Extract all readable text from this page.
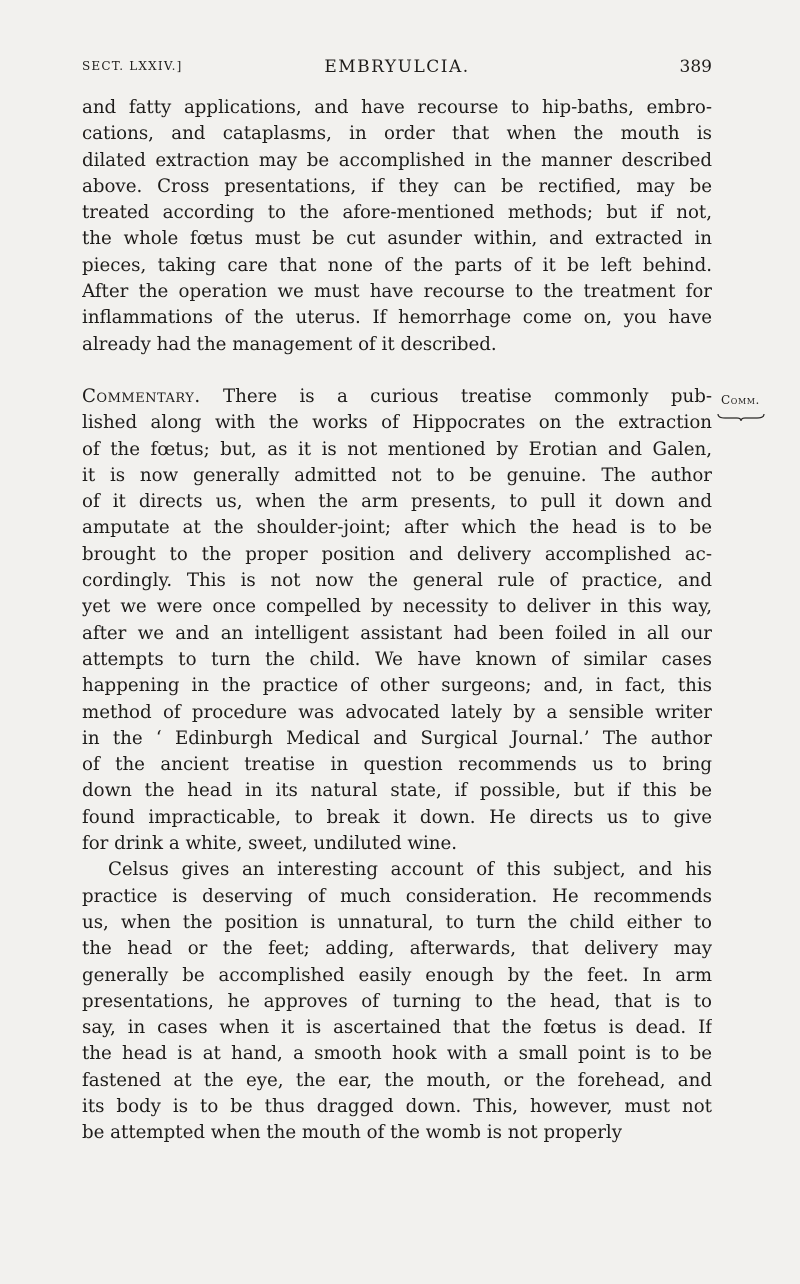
SECT. LXXIV.]	EMBRYULCIA.	389
Comm.
and fatty applications, and have recourse to hip-baths, embro-
cations, and cataplasms, in order that when the mouth is
dilated extraction may be accomplished in the manner described
above. Cross presentations, if they can be rectified, may be
treated according to the afore-mentioned methods; but if not,
the whole fœtus must be cut asunder within, and extracted in
pieces, taking care that none of the parts of it be left behind.
After the operation we must have recourse to the treatment for
inflammations of the uterus. If hemorrhage come on, you have
already had the management of it described.
Commentary. There is a curious treatise commonly pub-
lished along with the works of Hippocrates on the extraction
of the fœtus; but, as it is not mentioned by Erotian and Galen,
it is now generally admitted not to be genuine. The author
of it directs us, when the arm presents, to pull it down and
amputate at the shoulder-joint; after which the head is to be
brought to the proper position and delivery accomplished ac-
cordingly. This is not now the general rule of practice, and
yet we were once compelled by necessity to deliver in this way,
after we and an intelligent assistant had been foiled in all our
attempts to turn the child. We have known of similar cases
happening in the practice of other surgeons; and, in fact, this
method of procedure was advocated lately by a sensible writer
in the ‘ Edinburgh Medical and Surgical Journal.’ The author
of the ancient treatise in question recommends us to bring
down the head in its natural state, if possible, but if this be
found impracticable, to break it down. He directs us to give
for drink a white, sweet, undiluted wine.
Celsus gives an interesting account of this subject, and his
practice is deserving of much consideration. He recommends
us, when the position is unnatural, to turn the child either to
the head or the feet; adding, afterwards, that delivery may
generally be accomplished easily enough by the feet. In arm
presentations, he approves of turning to the head, that is to
say, in cases when it is ascertained that the fœtus is dead. If
the head is at hand, a smooth hook with a small point is to be
fastened at the eye, the ear, the mouth, or the forehead, and
its body is to be thus dragged down. This, however, must not
be attempted when the mouth of the womb is not properly
